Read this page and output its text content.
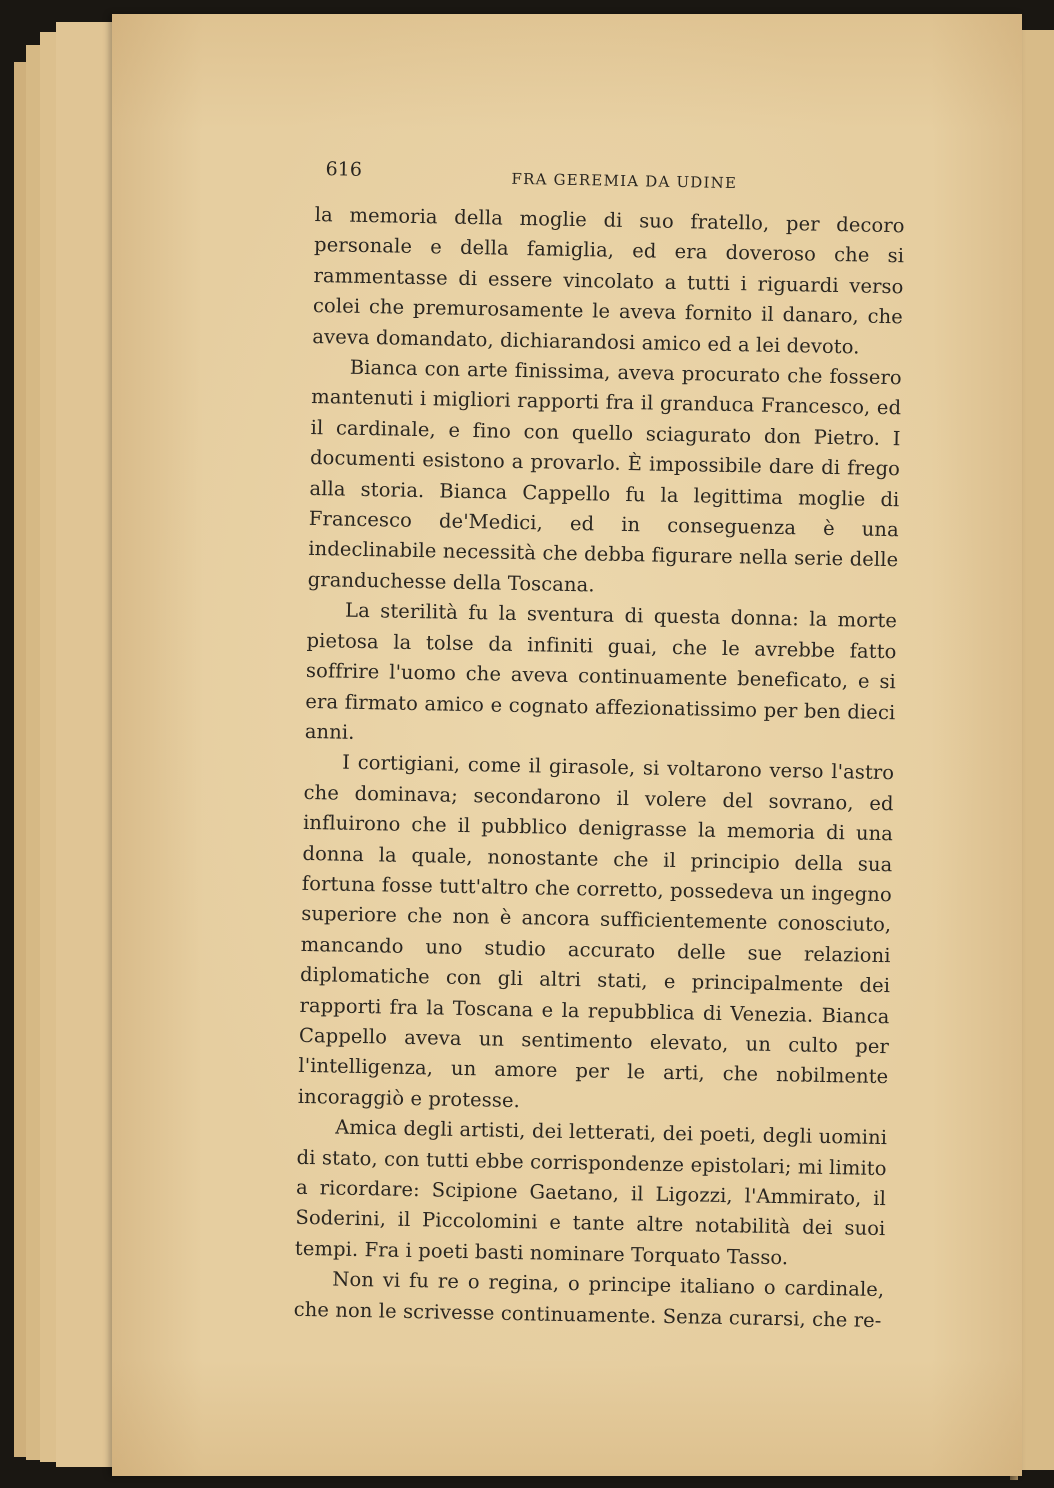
616
FRA GEREMIA DA UDINE

la memoria della moglie di suo fratello, per decoro personale e della famiglia, ed era doveroso che si rammentasse di essere vincolato a tutti i riguardi verso colei che premurosamente le aveva fornito il danaro, che aveva domandato, dichiarandosi amico ed a lei devoto.

Bianca con arte finissima, aveva procurato che fossero mantenuti i migliori rapporti fra il granduca Francesco, ed il cardinale, e fino con quello sciagurato don Pietro. I documenti esistono a provarlo. È impossibile dare di frego alla storia. Bianca Cappello fu la legittima moglie di Francesco de'Medici, ed in conseguenza è una indeclinabile necessità che debba figurare nella serie delle granduchesse della Toscana.

La sterilità fu la sventura di questa donna: la morte pietosa la tolse da infiniti guai, che le avrebbe fatto soffrire l'uomo che aveva continuamente beneficato, e si era firmato amico e cognato affezionatissimo per ben dieci anni.

I cortigiani, come il girasole, si voltarono verso l'astro che dominava; secondarono il volere del sovrano, ed influirono che il pubblico denigrasse la memoria di una donna la quale, nonostante che il principio della sua fortuna fosse tutt'altro che corretto, possedeva un ingegno superiore che non è ancora sufficientemente conosciuto, mancando uno studio accurato delle sue relazioni diplomatiche con gli altri stati, e principalmente dei rapporti fra la Toscana e la repubblica di Venezia. Bianca Cappello aveva un sentimento elevato, un culto per l'intelligenza, un amore per le arti, che nobilmente incoraggiò e protesse.

Amica degli artisti, dei letterati, dei poeti, degli uomini di stato, con tutti ebbe corrispondenze epistolari; mi limito a ricordare: Scipione Gaetano, il Ligozzi, l'Ammirato, il Soderini, il Piccolomini e tante altre notabilità dei suoi tempi. Fra i poeti basti nominare Torquato Tasso.

Non vi fu re o regina, o principe italiano o cardinale, che non le scrivesse continuamente. Senza curarsi, che re-
